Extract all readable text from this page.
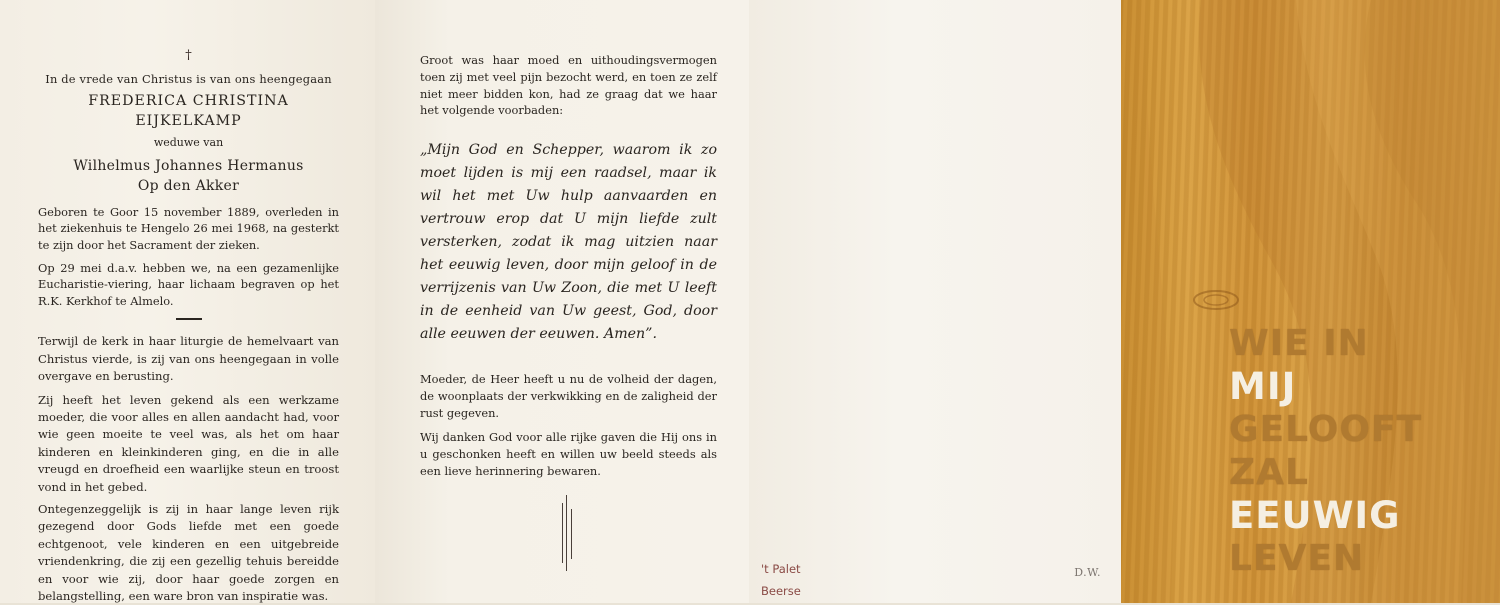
†

In de vrede van Christus is van ons heengegaan

FREDERICA CHRISTINA

EIJKELKAMP

weduwe van

Wilhelmus Johannes Hermanus

Op den Akker

Geboren te Goor 15 november 1889, overleden in het ziekenhuis te Hengelo 26 mei 1968, na gesterkt te zijn door het Sacrament der zieken.

Op 29 mei d.a.v. hebben we, na een gezamenlijke Eucharistie-viering, haar lichaam begraven op het R.K. Kerkhof te Almelo.

Terwijl de kerk in haar liturgie de hemelvaart van Christus vierde, is zij van ons heengegaan in volle overgave en berusting.

Zij heeft het leven gekend als een werkzame moeder, die voor alles en allen aandacht had, voor wie geen moeite te veel was, als het om haar kinderen en kleinkinderen ging, en die in alle vreugd en droefheid een waarlijke steun en troost vond in het gebed.

Ontegenzeggelijk is zij in haar lange leven rijk gezegend door Gods liefde met een goede echtgenoot, vele kinderen en een uitgebreide vriendenkring, die zij een gezellig tehuis bereidde en voor wie zij, door haar goede zorgen en belangstelling, een ware bron van inspiratie was.

Groot was haar moed en uithoudingsvermogen toen zij met veel pijn bezocht werd, en toen ze zelf niet meer bidden kon, had ze graag dat we haar het volgende voorbaden:

„Mijn God en Schepper, waarom ik zo moet lijden is mij een raadsel, maar ik wil het met Uw hulp aanvaarden en vertrouw erop dat U mijn liefde zult versterken, zodat ik mag uitzien naar het eeuwig leven, door mijn geloof in de verrijzenis van Uw Zoon, die met U leeft in de eenheid van Uw geest, God, door alle eeuwen der eeuwen. Amen”.

Moeder, de Heer heeft u nu de volheid der dagen, de woonplaats der verkwikking en de zaligheid der rust gegeven.

Wij danken God voor alle rijke gaven die Hij ons in u geschonken heeft en willen uw beeld steeds als een lieve herinnering bewaren.

't Palet
Beerse
D.W.
WIE IN
MIJ
GELOOFT
ZAL
EEUWIG
LEVEN
